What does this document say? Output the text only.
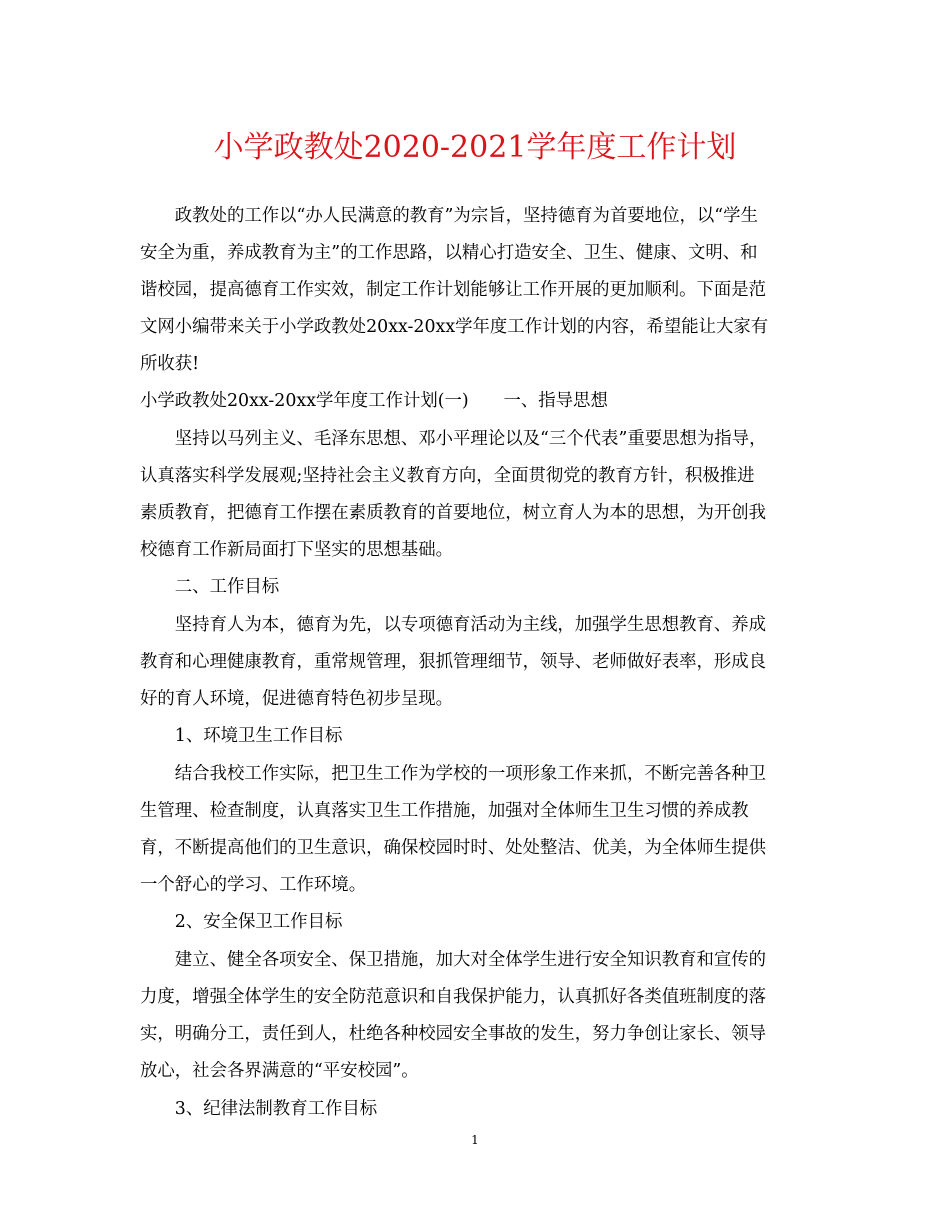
小学政教处2020-2021学年度工作计划
　　政教处的工作以“办人民满意的教育”为宗旨，坚持德育为首要地位，以“学生
安全为重，养成教育为主”的工作思路，以精心打造安全、卫生、健康、文明、和
谐校园，提高德育工作实效，制定工作计划能够让工作开展的更加顺利。下面是范
文网小编带来关于小学政教处20xx-20xx学年度工作计划的内容，希望能让大家有
所收获!
小学政教处20xx-20xx学年度工作计划(一)　　一、指导思想
　　坚持以马列主义、毛泽东思想、邓小平理论以及“三个代表”重要思想为指导，
认真落实科学发展观;坚持社会主义教育方向，全面贯彻党的教育方针，积极推进
素质教育，把德育工作摆在素质教育的首要地位，树立育人为本的思想，为开创我
校德育工作新局面打下坚实的思想基础。
　　二、工作目标
　　坚持育人为本，德育为先，以专项德育活动为主线，加强学生思想教育、养成
教育和心理健康教育，重常规管理，狠抓管理细节，领导、老师做好表率，形成良
好的育人环境，促进德育特色初步呈现。
　　1、环境卫生工作目标
　　结合我校工作实际，把卫生工作为学校的一项形象工作来抓，不断完善各种卫
生管理、检查制度，认真落实卫生工作措施，加强对全体师生卫生习惯的养成教
育，不断提高他们的卫生意识，确保校园时时、处处整洁、优美，为全体师生提供
一个舒心的学习、工作环境。
　　2、安全保卫工作目标
　　建立、健全各项安全、保卫措施，加大对全体学生进行安全知识教育和宣传的
力度，增强全体学生的安全防范意识和自我保护能力，认真抓好各类值班制度的落
实，明确分工，责任到人，杜绝各种校园安全事故的发生，努力争创让家长、领导
放心，社会各界满意的“平安校园”。
　　3、纪律法制教育工作目标
1
